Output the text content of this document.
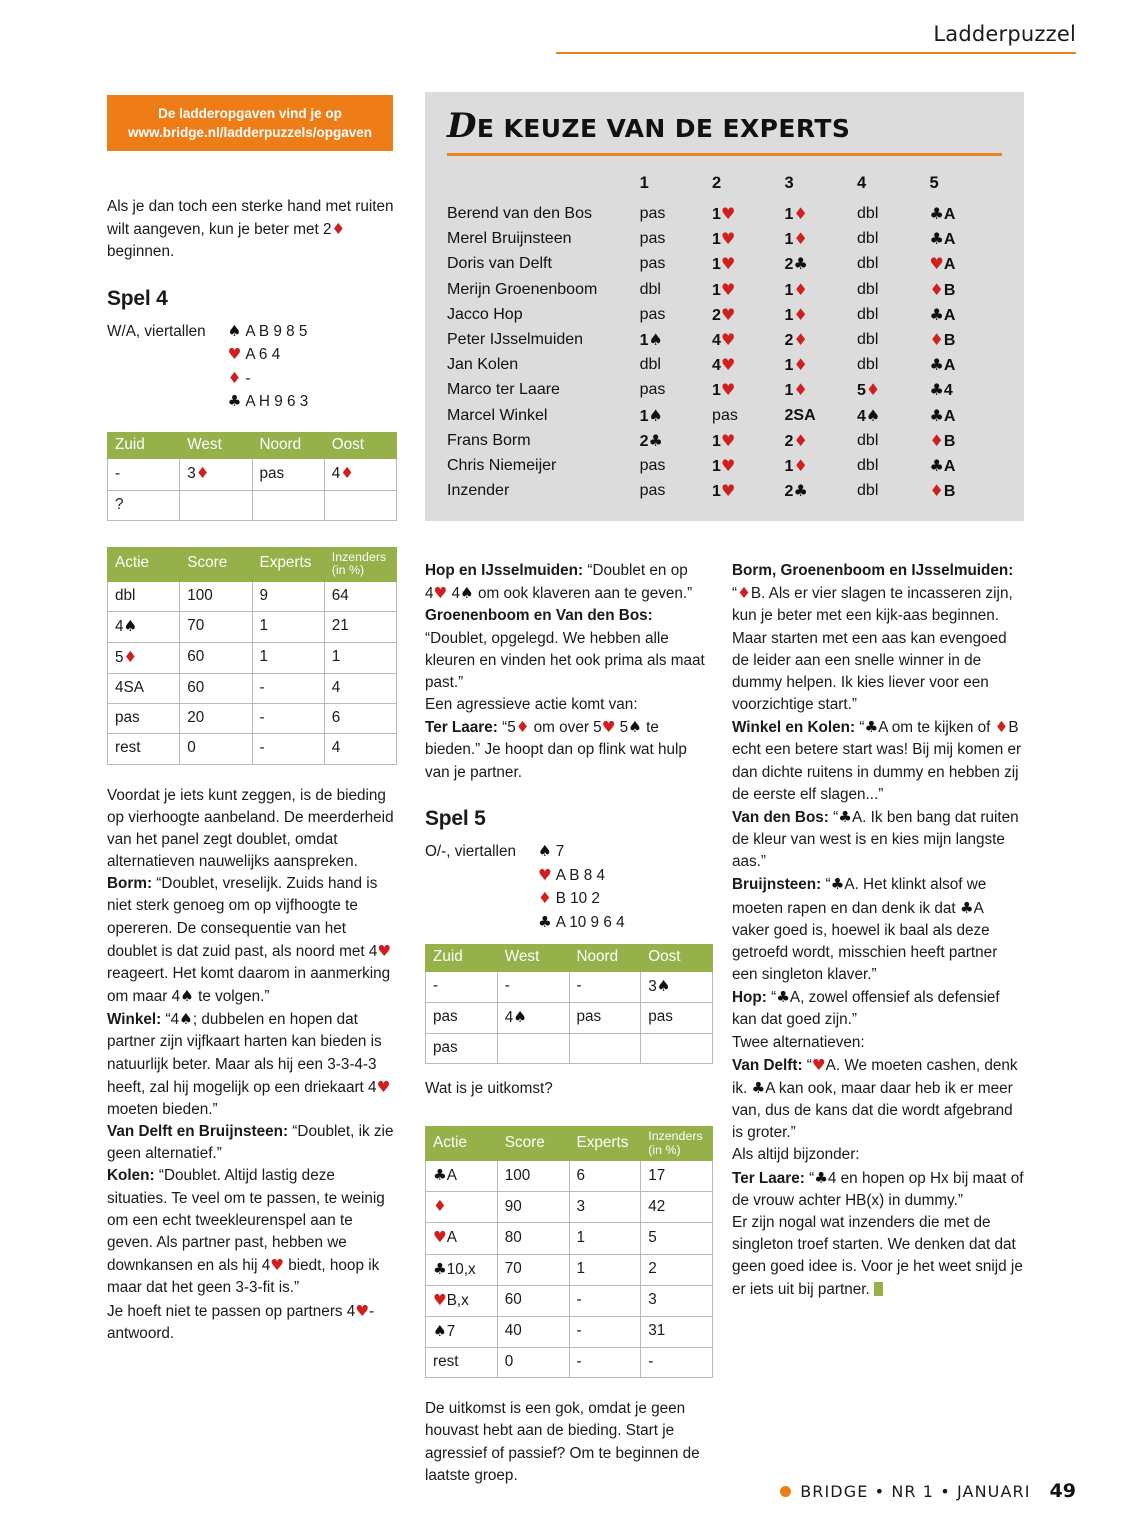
Ladderpuzzel
De ladderopgaven vind je op
www.bridge.nl/ladderpuzzels/opgaven	DE KEUZE VAN DE EXPERTS
	1	2	3	4	5
Berend van den Bos	pas	1♥	1♦	dbl	♣A
Merel Bruijnsteen	pas	1♥	1♦	dbl	♣A
Doris van Delft	pas	1♥	2♣	dbl	♥A
Merijn Groenenboom	dbl	1♥	1♦	dbl	♦B
Jacco Hop	pas	2♥	1♦	dbl	♣A
Peter IJsselmuiden	1♠	4♥	2♦	dbl	♦B
Jan Kolen	dbl	4♥	1♦	dbl	♣A
Marco ter Laare	pas	1♥	1♦	5♦	♣4
Marcel Winkel	1♠	pas	2SA	4♠	♣A
Frans Borm	2♣	1♥	2♦	dbl	♦B
Chris Niemeijer	pas	1♥	1♦	dbl	♣A
Inzender	pas	1♥	2♣	dbl	♦B

Als je dan toch een sterke hand met ruiten wilt aangeven, kun je beter met 2♦ beginnen.

Spel 4
W/A, viertallen ♠ A B 9 8 5
♥ A 6 4
♦ -
♣ A H 9 6 3
Zuid	West	Noord	Oost
-	3♦	pas	4♦
?			
Actie	Score	Experts	Inzenders
(in %)
dbl	100	9	64
4♠	70	1	21
5♦	60	1	1
4SA	60	-	4
pas	20	-	6
rest	0	-	4

Voordat je iets kunt zeggen, is de bieding op vierhoogte aanbeland. De meerderheid van het panel zegt doublet, omdat alternatieven nauwelijks aanspreken.

Borm: “Doublet, vreselijk. Zuids hand is niet sterk genoeg om op vijfhoogte te opereren. De consequentie van het doublet is dat zuid past, als noord met 4♥ reageert. Het komt daarom in aanmerking om maar 4♠ te volgen.”

Winkel: “4♠; dubbelen en hopen dat partner zijn vijfkaart harten kan bieden is natuurlijk beter. Maar als hij een 3-3-4-3 heeft, zal hij mogelijk op een driekaart 4♥ moeten bieden.”

Van Delft en Bruijnsteen: “Doublet, ik zie geen alternatief.”

Kolen: “Doublet. Altijd lastig deze situaties. Te veel om te passen, te weinig om een echt tweekleurenspel aan te geven. Als partner past, hebben we downkansen en als hij 4♥ biedt, hoop ik maar dat het geen 3-3-fit is.”

Je hoeft niet te passen op partners 4♥-antwoord.

Hop en IJsselmuiden: “Doublet en op 4♥ 4♠ om ook klaveren aan te geven.”

Groenenboom en Van den Bos: “Doublet, opgelegd. We hebben alle kleuren en vinden het ook prima als maat past.”

Een agressieve actie komt van:

Ter Laare: “5♦ om over 5♥ 5♠ te bieden.” Je hoopt dan op flink wat hulp van je partner.

Spel 5
O/-, viertallen ♠ 7
♥ A B 8 4
♦ B 10 2
♣ A 10 9 6 4
Zuid	West	Noord	Oost
-	-	-	3♠
pas	4♠	pas	pas
pas			

Wat is je uitkomst?

Actie	Score	Experts	Inzenders
(in %)
♣A	100	6	17
♦	90	3	42
♥A	80	1	5
♣10,x	70	1	2
♥B,x	60	-	3
♠7	40	-	31
rest	0	-	-

De uitkomst is een gok, omdat je geen houvast hebt aan de bieding. Start je agressief of passief? Om te beginnen de laatste groep.

Borm, Groenenboom en IJsselmuiden:
“♦B. Als er vier slagen te incasseren zijn, kun je beter met een kijk-aas beginnen. Maar starten met een aas kan evengoed de leider aan een snelle winner in de dummy helpen. Ik kies liever voor een voorzichtige start.”

Winkel en Kolen: “♣A om te kijken of ♦B echt een betere start was! Bij mij komen er dan dichte ruitens in dummy en hebben zij de eerste elf slagen...”

Van den Bos: “♣A. Ik ben bang dat ruiten de kleur van west is en kies mijn langste aas.”

Bruijnsteen: “♣A. Het klinkt alsof we moeten rapen en dan denk ik dat ♣A vaker goed is, hoewel ik baal als deze getroefd wordt, misschien heeft partner een singleton klaver.”

Hop: “♣A, zowel offensief als defensief kan dat goed zijn.”

Twee alternatieven:

Van Delft: “♥A. We moeten cashen, denk ik. ♣A kan ook, maar daar heb ik er meer van, dus de kans dat die wordt afgebrand is groter.”

Als altijd bijzonder:

Ter Laare: “♣4 en hopen op Hx bij maat of de vrouw achter HB(x) in dummy.”

Er zijn nogal wat inzenders die met de singleton troef starten. We denken dat dat geen goed idee is. Voor je het weet snijd je er iets uit bij partner.

BRIDGE • NR 1 • JANUARI 49
